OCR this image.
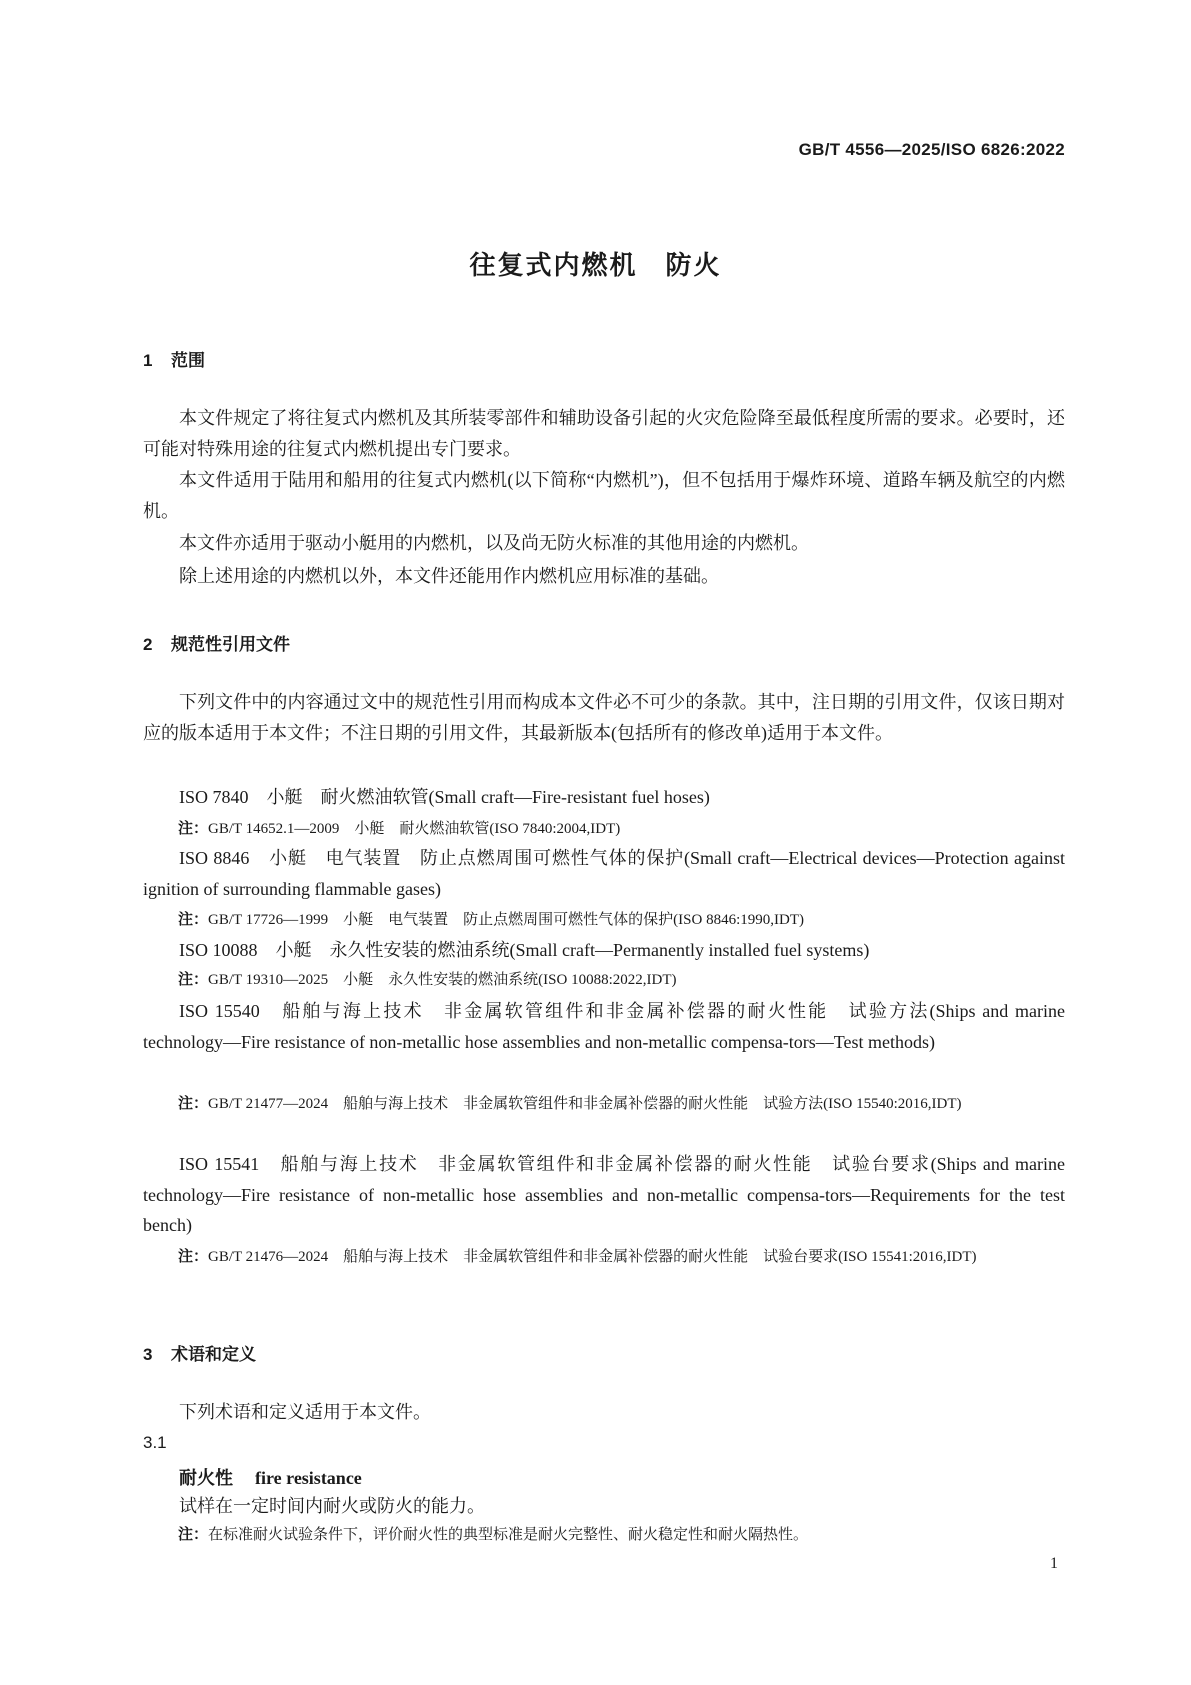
GB/T 4556—2025/ISO 6826:2022
往复式内燃机　防火
1 范围

本文件规定了将往复式内燃机及其所装零部件和辅助设备引起的火灾危险降至最低程度所需的要求。必要时，还可能对特殊用途的往复式内燃机提出专门要求。

本文件适用于陆用和船用的往复式内燃机(以下简称“内燃机”)，但不包括用于爆炸环境、道路车辆及航空的内燃机。

本文件亦适用于驱动小艇用的内燃机，以及尚无防火标准的其他用途的内燃机。

除上述用途的内燃机以外，本文件还能用作内燃机应用标准的基础。

2 规范性引用文件

下列文件中的内容通过文中的规范性引用而构成本文件必不可少的条款。其中，注日期的引用文件，仅该日期对应的版本适用于本文件；不注日期的引用文件，其最新版本(包括所有的修改单)适用于本文件。

ISO 7840　小艇　耐火燃油软管(Small craft—Fire-resistant fuel hoses)

注：GB/T 14652.1—2009　小艇　耐火燃油软管(ISO 7840:2004,IDT)

ISO 8846　小艇　电气装置　防止点燃周围可燃性气体的保护(Small craft—Electrical devices—Protection against ignition of surrounding flammable gases)

注：GB/T 17726—1999　小艇　电气装置　防止点燃周围可燃性气体的保护(ISO 8846:1990,IDT)

ISO 10088　小艇　永久性安装的燃油系统(Small craft—Permanently installed fuel systems)

注：GB/T 19310—2025　小艇　永久性安装的燃油系统(ISO 10088:2022,IDT)

ISO 15540　船舶与海上技术　非金属软管组件和非金属补偿器的耐火性能　试验方法(Ships and marine technology—Fire resistance of non-metallic hose assemblies and non-metallic compensa-tors—Test methods)

注：GB/T 21477—2024　船舶与海上技术　非金属软管组件和非金属补偿器的耐火性能　试验方法(ISO 15540:2016,IDT)

ISO 15541　船舶与海上技术　非金属软管组件和非金属补偿器的耐火性能　试验台要求(Ships and marine technology—Fire resistance of non-metallic hose assemblies and non-metallic compensa-tors—Requirements for the test bench)

注：GB/T 21476—2024　船舶与海上技术　非金属软管组件和非金属补偿器的耐火性能　试验台要求(ISO 15541:2016,IDT)

3 术语和定义

下列术语和定义适用于本文件。

3.1
耐火性 fire resistance
试样在一定时间内耐火或防火的能力。

注：在标准耐火试验条件下，评价耐火性的典型标准是耐火完整性、耐火稳定性和耐火隔热性。

1
